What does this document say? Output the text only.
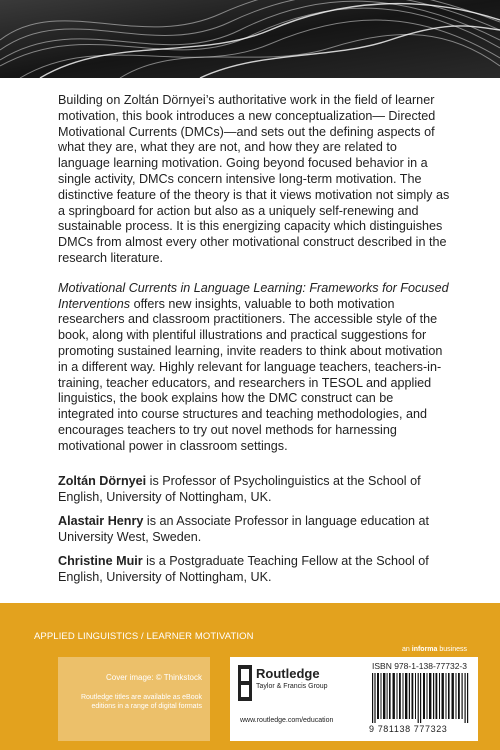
Building on Zoltán Dörnyei’s authoritative work in the field of learner motivation, this book introduces a new conceptualization— Directed Motivational Currents (DMCs)—and sets out the defining aspects of what they are, what they are not, and how they are related to language learning motivation. Going beyond focused behavior in a single activity, DMCs concern intensive long-term motivation. The distinctive feature of the theory is that it views motivation not simply as a springboard for action but also as a uniquely self-renewing and sustainable process. It is this energizing capacity which distinguishes DMCs from almost every other motivational construct described in the research literature.

Motivational Currents in Language Learning: Frameworks for Focused Interventions offers new insights, valuable to both motivation researchers and classroom practitioners. The accessible style of the book, along with plentiful illustrations and practical suggestions for promoting sustained learning, invite readers to think about motivation in a different way. Highly relevant for language teachers, teachers-in-training, teacher educators, and researchers in TESOL and applied linguistics, the book explains how the DMC construct can be integrated into course structures and teaching methodologies, and encourages teachers to try out novel methods for harnessing motivational power in classroom settings.

Zoltán Dörnyei is Professor of Psycholinguistics at the School of English, University of Nottingham, UK.

Alastair Henry is an Associate Professor in language education at University West, Sweden.

Christine Muir is a Postgraduate Teaching Fellow at the School of English, University of Nottingham, UK.

APPLIED LINGUISTICS / LEARNER MOTIVATION
an informa business
Cover image: © Thinkstock
Routledge titles are available as eBook editions in a range of digital formats
Routledge
Taylor & Francis Group
www.routledge.com/education
ISBN 978-1-138-77732-3
9 781138 777323
